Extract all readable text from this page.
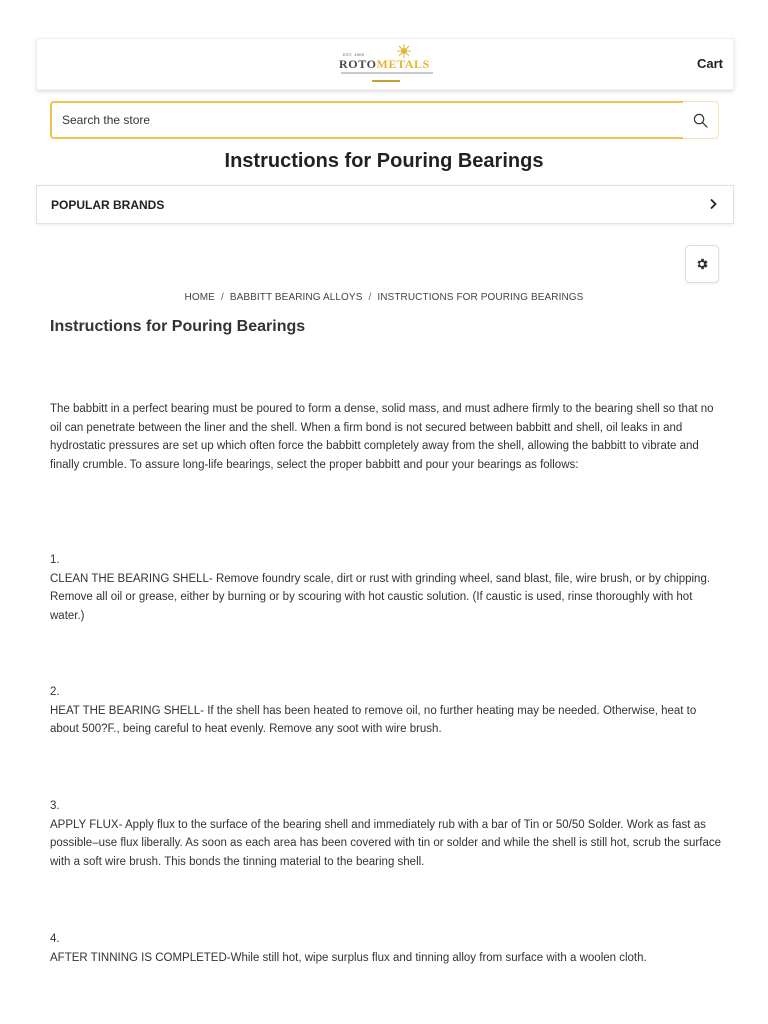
EST. 1909
ROTOMETALS	Cart
Search the store
Instructions for Pouring Bearings
POPULAR BRANDS
HOME / BABBITT BEARING ALLOYS / INSTRUCTIONS FOR POURING BEARINGS
Instructions for Pouring Bearings

The babbitt in a perfect bearing must be poured to form a dense, solid mass, and must adhere firmly to the bearing shell so that no oil can penetrate between the liner and the shell. When a firm bond is not secured between babbitt and shell, oil leaks in and hydrostatic pressures are set up which often force the babbitt completely away from the shell, allowing the babbitt to vibrate and finally crumble. To assure long-life bearings, select the proper babbitt and pour your bearings as follows:

1.
CLEAN THE BEARING SHELL- Remove foundry scale, dirt or rust with grinding wheel, sand blast, file, wire brush, or by chipping. Remove all oil or grease, either by burning or by scouring with hot caustic solution. (If caustic is used, rinse thoroughly with hot water.)
2.
HEAT THE BEARING SHELL- If the shell has been heated to remove oil, no further heating may be needed. Otherwise, heat to about 500?F., being careful to heat evenly. Remove any soot with wire brush.
3.
APPLY FLUX- Apply flux to the surface of the bearing shell and immediately rub with a bar of Tin or 50/50 Solder. Work as fast as possible–use flux liberally. As soon as each area has been covered with tin or solder and while the shell is still hot, scrub the surface with a soft wire brush. This bonds the tinning material to the bearing shell.
4.
AFTER TINNING IS COMPLETED-While still hot, wipe surplus flux and tinning alloy from surface with a woolen cloth.
